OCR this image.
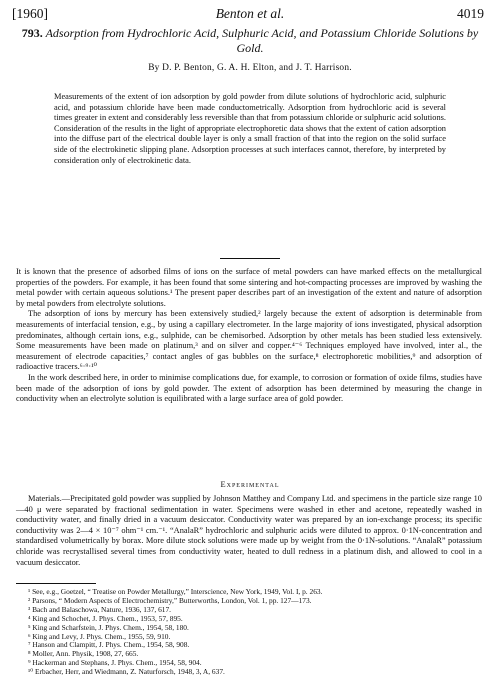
[1960]	Benton et al.	4019

793. Adsorption from Hydrochloric Acid, Sulphuric Acid, and Potassium Chloride Solutions by Gold.

By D. P. Benton, G. A. H. Elton, and J. T. Harrison.

Measurements of the extent of ion adsorption by gold powder from dilute solutions of hydrochloric acid, sulphuric acid, and potassium chloride have been made conductometrically. Adsorption from hydrochloric acid is several times greater in extent and considerably less reversible than that from potassium chloride or sulphuric acid solutions. Consideration of the results in the light of appropriate electrophoretic data shows that the extent of cation adsorption into the diffuse part of the electrical double layer is only a small fraction of that into the region on the solid surface side of the electrokinetic slipping plane. Adsorption processes at such interfaces cannot, therefore, by interpreted by consideration only of electrokinetic data.

It is known that the presence of adsorbed films of ions on the surface of metal powders can have marked effects on the metallurgical properties of the powders. For example, it has been found that some sintering and hot-compacting processes are improved by washing the metal powder with certain aqueous solutions.¹ The present paper describes part of an investigation of the extent and nature of adsorption by metal powders from electrolyte solutions.

The adsorption of ions by mercury has been extensively studied,² largely because the extent of adsorption is determinable from measurements of interfacial tension, e.g., by using a capillary electrometer. In the large majority of ions investigated, physical adsorption predominates, although certain ions, e.g., sulphide, can be chemisorbed. Adsorption by other metals has been studied less extensively. Some measurements have been made on platinum,³ and on silver and copper.⁴⁻⁶ Techniques employed have involved, inter al., the measurement of electrode capacities,⁷ contact angles of gas bubbles on the surface,⁸ electrophoretic mobilities,⁹ and adsorption of radioactive tracers.⁶·⁹·¹⁰

In the work described here, in order to minimise complications due, for example, to corrosion or formation of oxide films, studies have been made of the adsorption of ions by gold powder. The extent of adsorption has been determined by measuring the change in conductivity when an electrolyte solution is equilibrated with a large surface area of gold powder.

Experimental

Materials.—Precipitated gold powder was supplied by Johnson Matthey and Company Ltd. and specimens in the particle size range 10—40 μ were separated by fractional sedimentation in water. Specimens were washed in ether and acetone, repeatedly washed in conductivity water, and finally dried in a vacuum desiccator. Conductivity water was prepared by an ion-exchange process; its specific conductivity was 2—4 × 10⁻⁷ ohm⁻¹ cm.⁻¹. “AnalaR” hydrochloric and sulphuric acids were diluted to approx. 0·1N-concentration and standardised volumetrically by borax. More dilute stock solutions were made up by weight from the 0·1N-solutions. “AnalaR” potassium chloride was recrystallised several times from conductivity water, heated to dull redness in a platinum dish, and allowed to cool in a vacuum desiccator.

¹ See, e.g., Goetzel, “ Treatise on Powder Metallurgy,” Interscience, New York, 1949, Vol. I, p. 263.

² Parsons, “ Modern Aspects of Electrochemistry,” Butterworths, London, Vol. 1, pp. 127—173.

³ Bach and Balaschowa, Nature, 1936, 137, 617.

⁴ King and Schochet, J. Phys. Chem., 1953, 57, 895.

⁵ King and Scharfstein, J. Phys. Chem., 1954, 58, 180.

⁶ King and Levy, J. Phys. Chem., 1955, 59, 910.

⁷ Hanson and Clampitt, J. Phys. Chem., 1954, 58, 908.

⁸ Moller, Ann. Physik, 1908, 27, 665.

⁹ Hackerman and Stephans, J. Phys. Chem., 1954, 58, 904.

¹⁰ Erbacher, Herr, and Wiedmann, Z. Naturforsch, 1948, 3, A, 637.
